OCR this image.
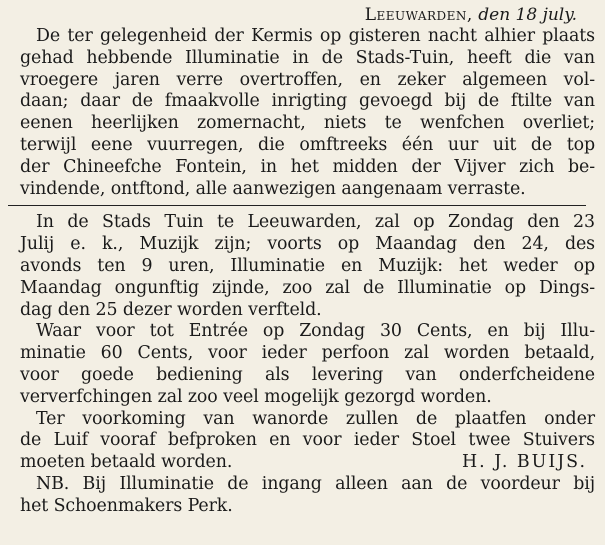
Leeuwarden, den 18 july.
De ter gelegenheid der Kermis op gisteren nacht alhier plaats
gehad hebbende Illuminatie in de Stads-Tuin, heeft die van
vroegere jaren verre overtroffen, en zeker algemeen vol-
daan; daar de fmaakvolle inrigting gevoegd bij de ftilte van
eenen heerlijken zomernacht, niets te wenfchen overliet;
terwijl eene vuurregen, die omftreeks één uur uit de top
der Chineefche Fontein, in het midden der Vijver zich be-
vindende, ontftond, alle aanwezigen aangenaam verraste.
In de Stads Tuin te Leeuwarden, zal op Zondag den 23
Julij e. k., Muzijk zijn; voorts op Maandag den 24, des
avonds ten 9 uren, Illuminatie en Muzijk: het weder op
Maandag ongunftig zijnde, zoo zal de Illuminatie op Dings-
dag den 25 dezer worden verfteld.
Waar voor tot Entrée op Zondag 30 Cents, en bij Illu-
minatie 60 Cents, voor ieder perfoon zal worden betaald,
voor goede bediening als levering van onderfcheidene
ververfchingen zal zoo veel mogelijk gezorgd worden.
Ter voorkoming van wanorde zullen de plaatfen onder
de Luif vooraf befproken en voor ieder Stoel twee Stuivers
moeten betaald worden.	H. J. BUIJS.
NB. Bij Illuminatie de ingang alleen aan de voordeur bij
het Schoenmakers Perk.
